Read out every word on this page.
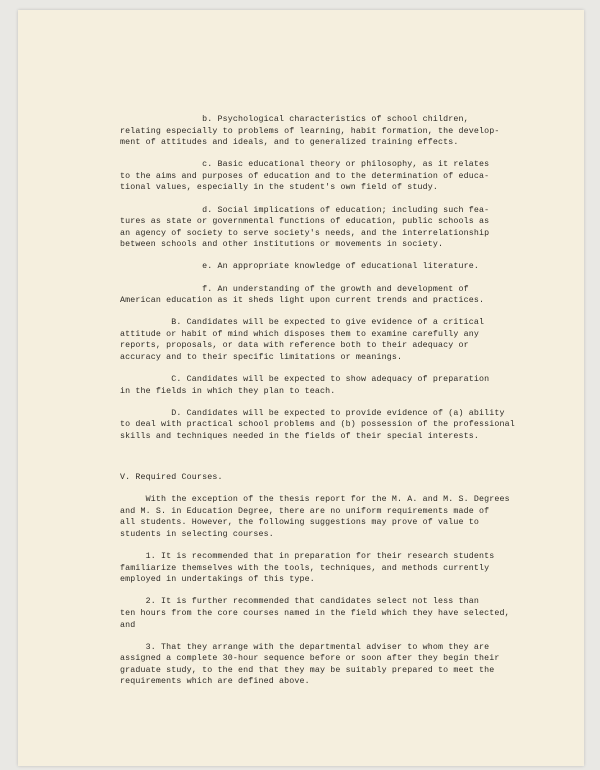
b. Psychological characteristics of school children,
relating especially to problems of learning, habit formation, the develop-
ment of attitudes and ideals, and to generalized training effects.
c. Basic educational theory or philosophy, as it relates
to the aims and purposes of education and to the determination of educa-
tional values, especially in the student's own field of study.
d. Social implications of education; including such fea-
tures as state or governmental functions of education, public schools as
an agency of society to serve society's needs, and the interrelationship
between schools and other institutions or movements in society.
e. An appropriate knowledge of educational literature.
f. An understanding of the growth and development of
American education as it sheds light upon current trends and practices.
B. Candidates will be expected to give evidence of a critical
attitude or habit of mind which disposes them to examine carefully any
reports, proposals, or data with reference both to their adequacy or
accuracy and to their specific limitations or meanings.
C. Candidates will be expected to show adequacy of preparation
in the fields in which they plan to teach.
D. Candidates will be expected to provide evidence of (a) ability
to deal with practical school problems and (b) possession of the professional
skills and techniques needed in the fields of their special interests.
V. Required Courses.
With the exception of the thesis report for the M. A. and M. S. Degrees
and M. S. in Education Degree, there are no uniform requirements made of
all students. However, the following suggestions may prove of value to
students in selecting courses.
1. It is recommended that in preparation for their research students
familiarize themselves with the tools, techniques, and methods currently
employed in undertakings of this type.
2. It is further recommended that candidates select not less than
ten hours from the core courses named in the field which they have selected,
and
3. That they arrange with the departmental adviser to whom they are
assigned a complete 30-hour sequence before or soon after they begin their
graduate study, to the end that they may be suitably prepared to meet the
requirements which are defined above.
